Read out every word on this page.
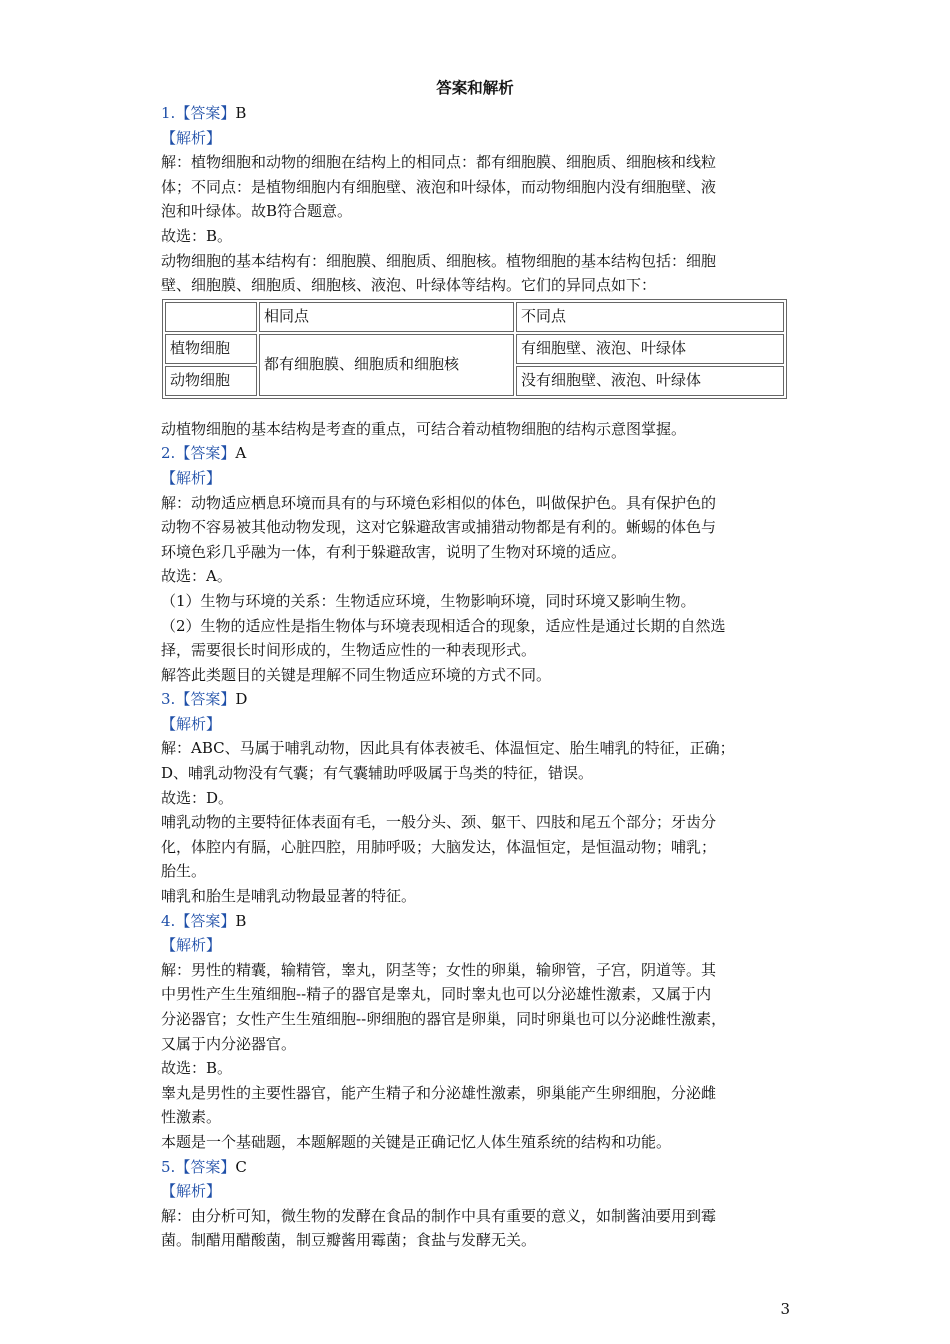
答案和解析

1.【答案】B

【解析】

解：植物细胞和动物的细胞在结构上的相同点：都有细胞膜、细胞质、细胞核和线粒

体；不同点：是植物细胞内有细胞壁、液泡和叶绿体，而动物细胞内没有细胞壁、液

泡和叶绿体。故B符合题意。

故选：B。

动物细胞的基本结构有：细胞膜、细胞质、细胞核。植物细胞的基本结构包括：细胞

壁、细胞膜、细胞质、细胞核、液泡、叶绿体等结构。它们的异同点如下：

	相同点	不同点
植物细胞	都有细胞膜、细胞质和细胞核	有细胞壁、液泡、叶绿体
动物细胞		没有细胞壁、液泡、叶绿体

动植物细胞的基本结构是考查的重点，可结合着动植物细胞的结构示意图掌握。

2.【答案】A

【解析】

解：动物适应栖息环境而具有的与环境色彩相似的体色，叫做保护色。具有保护色的

动物不容易被其他动物发现，这对它躲避敌害或捕猎动物都是有利的。蜥蜴的体色与

环境色彩几乎融为一体，有利于躲避敌害，说明了生物对环境的适应。

故选：A。

（1）生物与环境的关系：生物适应环境，生物影响环境，同时环境又影响生物。

（2）生物的适应性是指生物体与环境表现相适合的现象，适应性是通过长期的自然选

择，需要很长时间形成的，生物适应性的一种表现形式。

解答此类题目的关键是理解不同生物适应环境的方式不同。

3.【答案】D

【解析】

解：ABC、马属于哺乳动物，因此具有体表被毛、体温恒定、胎生哺乳的特征，正确；

D、哺乳动物没有气囊；有气囊辅助呼吸属于鸟类的特征，错误。

故选：D。

哺乳动物的主要特征体表面有毛，一般分头、颈、躯干、四肢和尾五个部分；牙齿分

化，体腔内有膈，心脏四腔，用肺呼吸；大脑发达，体温恒定，是恒温动物；哺乳；

胎生。

哺乳和胎生是哺乳动物最显著的特征。

4.【答案】B

【解析】

解：男性的精囊，输精管，睾丸，阴茎等；女性的卵巢，输卵管，子宫，阴道等。其

中男性产生生殖细胞--精子的器官是睾丸，同时睾丸也可以分泌雄性激素，又属于内

分泌器官；女性产生生殖细胞--卵细胞的器官是卵巢，同时卵巢也可以分泌雌性激素，

又属于内分泌器官。

故选：B。

睾丸是男性的主要性器官，能产生精子和分泌雄性激素，卵巢能产生卵细胞，分泌雌

性激素。

本题是一个基础题，本题解题的关键是正确记忆人体生殖系统的结构和功能。

5.【答案】C

【解析】

解：由分析可知，微生物的发酵在食品的制作中具有重要的意义，如制酱油要用到霉

菌。制醋用醋酸菌，制豆瓣酱用霉菌；食盐与发酵无关。

3
